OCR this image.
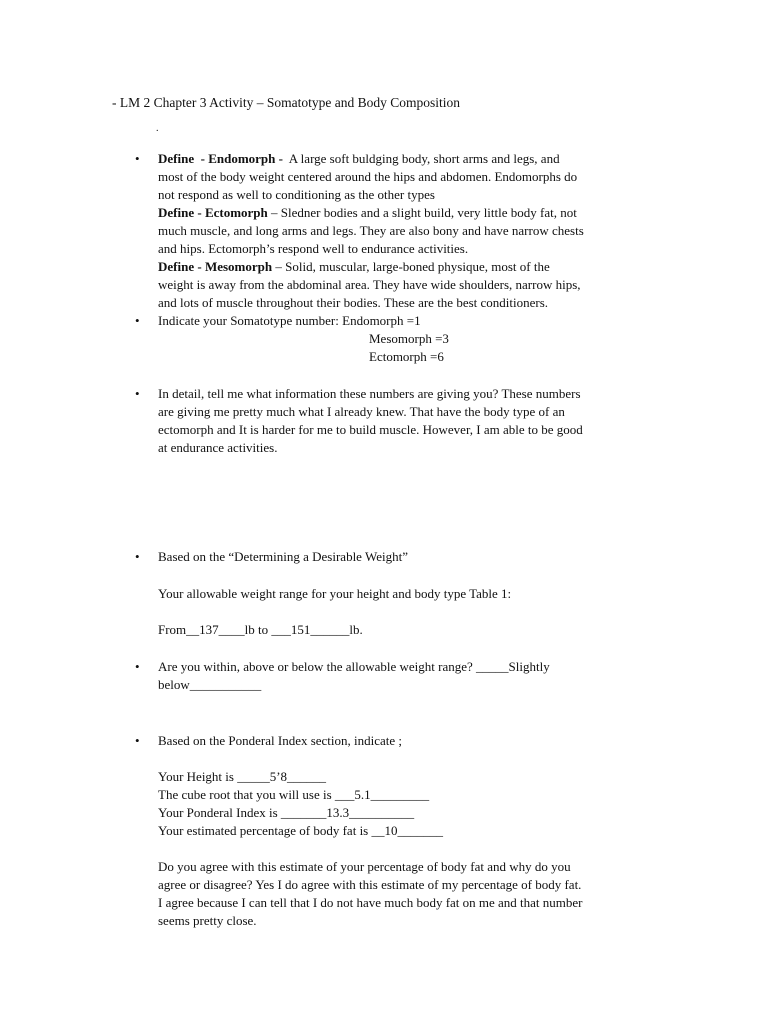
- LM 2 Chapter 3 Activity – Somatotype and Body Composition
.
•
Define - Endomorph - A large soft buldging body, short arms and legs, and
most of the body weight centered around the hips and abdomen. Endomorphs do
not respond as well to conditioning as the other types
Define - Ectomorph – Sledner bodies and a slight build, very little body fat, not
much muscle, and long arms and legs. They are also bony and have narrow chests
and hips. Ectomorph’s respond well to endurance activities.
Define - Mesomorph – Solid, muscular, large-boned physique, most of the
weight is away from the abdominal area. They have wide shoulders, narrow hips,
and lots of muscle throughout their bodies. These are the best conditioners.
•
Indicate your Somatotype number: Endomorph =1
Mesomorph =3
Ectomorph =6
•
In detail, tell me what information these numbers are giving you? These numbers
are giving me pretty much what I already knew. That have the body type of an
ectomorph and It is harder for me to build muscle. However, I am able to be good
at endurance activities.
•
Based on the “Determining a Desirable Weight”
Your allowable weight range for your height and body type Table 1:
From__137____lb to ___151______lb.
•
Are you within, above or below the allowable weight range? _____Slightly
below___________
•
Based on the Ponderal Index section, indicate ;
Your Height is _____5’8______
The cube root that you will use is ___5.1_________
Your Ponderal Index is _______13.3__________
Your estimated percentage of body fat is __10_______
Do you agree with this estimate of your percentage of body fat and why do you
agree or disagree? Yes I do agree with this estimate of my percentage of body fat.
I agree because I can tell that I do not have much body fat on me and that number
seems pretty close.
